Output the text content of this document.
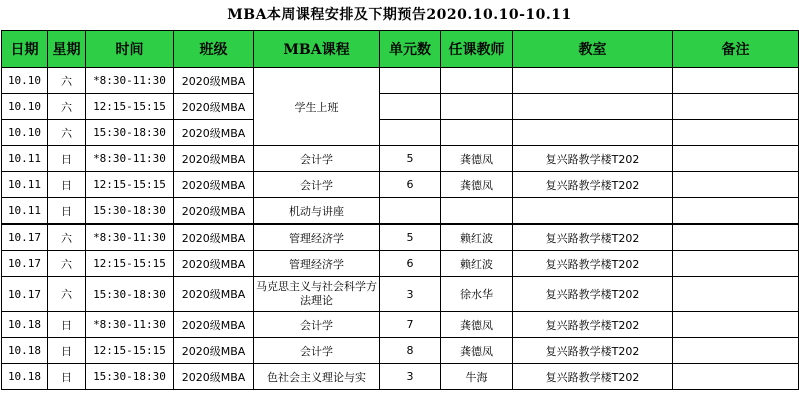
MBA本周课程安排及下期预告2020.10.10-10.11
日期	星期	时间	班级	MBA课程	单元数	任课教师	教室	备注
10.10	六	*8:30-11:30	2020级MBA	学生上班				
10.10	六	12:15-15:15	2020级MBA					
10.10	六	15:30-18:30	2020级MBA					
10.11	日	*8:30-11:30	2020级MBA	会计学	5	龚德凤	复兴路教学楼T202	
10.11	日	12:15-15:15	2020级MBA	会计学	6	龚德凤	复兴路教学楼T202	
10.11	日	15:30-18:30	2020级MBA	机动与讲座				
10.17	六	*8:30-11:30	2020级MBA	管理经济学	5	赖红波	复兴路教学楼T202	
10.17	六	12:15-15:15	2020级MBA	管理经济学	6	赖红波	复兴路教学楼T202	
10.17	六	15:30-18:30	2020级MBA	马克思主义与社会科学方法理论	3	徐水华	复兴路教学楼T202	
10.18	日	*8:30-11:30	2020级MBA	会计学	7	龚德凤	复兴路教学楼T202	
10.18	日	12:15-15:15	2020级MBA	会计学	8	龚德凤	复兴路教学楼T202	
10.18	日	15:30-18:30	2020级MBA	色社会主义理论与实	3	牛海	复兴路教学楼T202	
